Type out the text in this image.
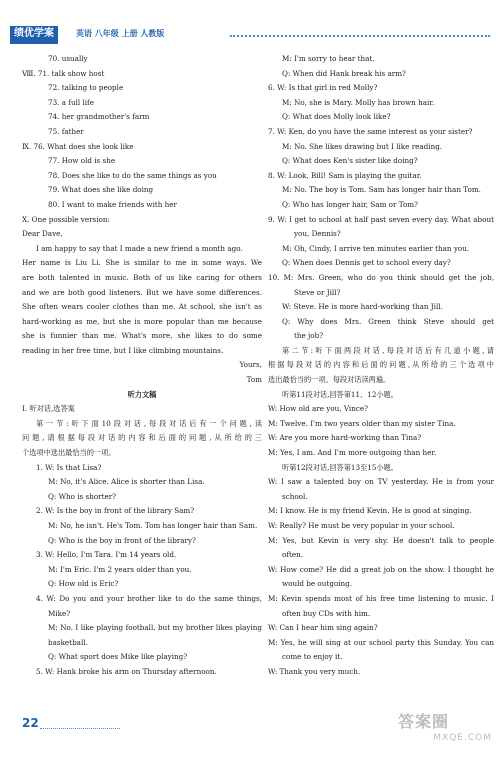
绩优学案	英语 八年级 上册 人教版
70. usually
Ⅷ. 71. talk show host
72. talking to people
73. a full life
74. her grandmother's farm
75. father
Ⅸ. 76. What does she look like
77. How old is she
78. Does she like to do the same things as you
79. What does she like doing
80. I want to make friends with her
Ⅹ. One possible version:
Dear Dave,
I am happy to say that I made a new friend a month ago.
Her name is Liu Li. She is similar to me in some ways. We
are both talented in music. Both of us like caring for others
and we are both good listeners. But we have some differences.
She often wears cooler clothes than me. At school, she isn't as
hard-working as me, but she is more popular than me because
she is funnier than me. What's more, she likes to do some
reading in her free time, but I like climbing mountains.
Yours,
Tom
听力文稿
Ⅰ. 听对话,选答案
第一节:听下面10段对话,每段对话后有一个问题,读
问题,请根据每段对话的内容和后面的问题,从所给的三
个选项中选出最恰当的一项。
1. W: Is that Lisa?
M: No, it's Alice. Alice is shorter than Lisa.
Q: Who is shorter?
2. W: Is the boy in front of the library Sam?
M: No, he isn't. He's Tom. Tom has longer hair than Sam.
Q: Who is the boy in front of the library?
3. W: Hello, I'm Tara. I'm 14 years old.
M: I'm Eric. I'm 2 years older than you.
Q: How old is Eric?
4. W: Do you and your brother like to do the same things,
Mike?
M: No. I like playing football, but my brother likes playing
basketball.
Q: What sport does Mike like playing?
5. W: Hank broke his arm on Thursday afternoon.
M: I'm sorry to hear that.
Q: When did Hank break his arm?
6. W: Is that girl in red Molly?
M: No, she is Mary. Molly has brown hair.
Q: What does Molly look like?
7. W: Ken, do you have the same interest as your sister?
M: No. She likes drawing but I like reading.
Q: What does Ken's sister like doing?
8. W: Look, Bill! Sam is playing the guitar.
M: No. The boy is Tom. Sam has longer hair than Tom.
Q: Who has longer hair, Sam or Tom?
9. W: I get to school at half past seven every day. What about
you, Dennis?
M: Oh, Cindy, I arrive ten minutes earlier than you.
Q: When does Dennis get to school every day?
10. M: Mrs. Green, who do you think should get the job,
Steve or Jill?
W: Steve. He is more hard-working than Jill.
Q: Why does Mrs. Green think Steve should get
the job?
第二节:听下面两段对话,每段对话后有几道小题,请
根据每段对话的内容和后面的问题,从所给的三个选项中
选出最恰当的一项。每段对话读两遍。
听第11段对话,回答第11、12小题。
W: How old are you, Vince?
M: Twelve. I'm two years older than my sister Tina.
W: Are you more hard-working than Tina?
M: Yes, I am. And I'm more outgoing than her.
听第12段对话,回答第13至15小题。
W: I saw a talented boy on TV yesterday. He is from your
school.
M: I know. He is my friend Kevin. He is good at singing.
W: Really? He must be very popular in your school.
M: Yes, but Kevin is very shy. He doesn't talk to people
often.
W: How come? He did a great job on the show. I thought he
would be outgoing.
M: Kevin spends most of his free time listening to music. I
often buy CDs with him.
W: Can I hear him sing again?
M: Yes, he will sing at our school party this Sunday. You can
come to enjoy it.
W: Thank you very much.
22	答案圈
MXQE.COM
